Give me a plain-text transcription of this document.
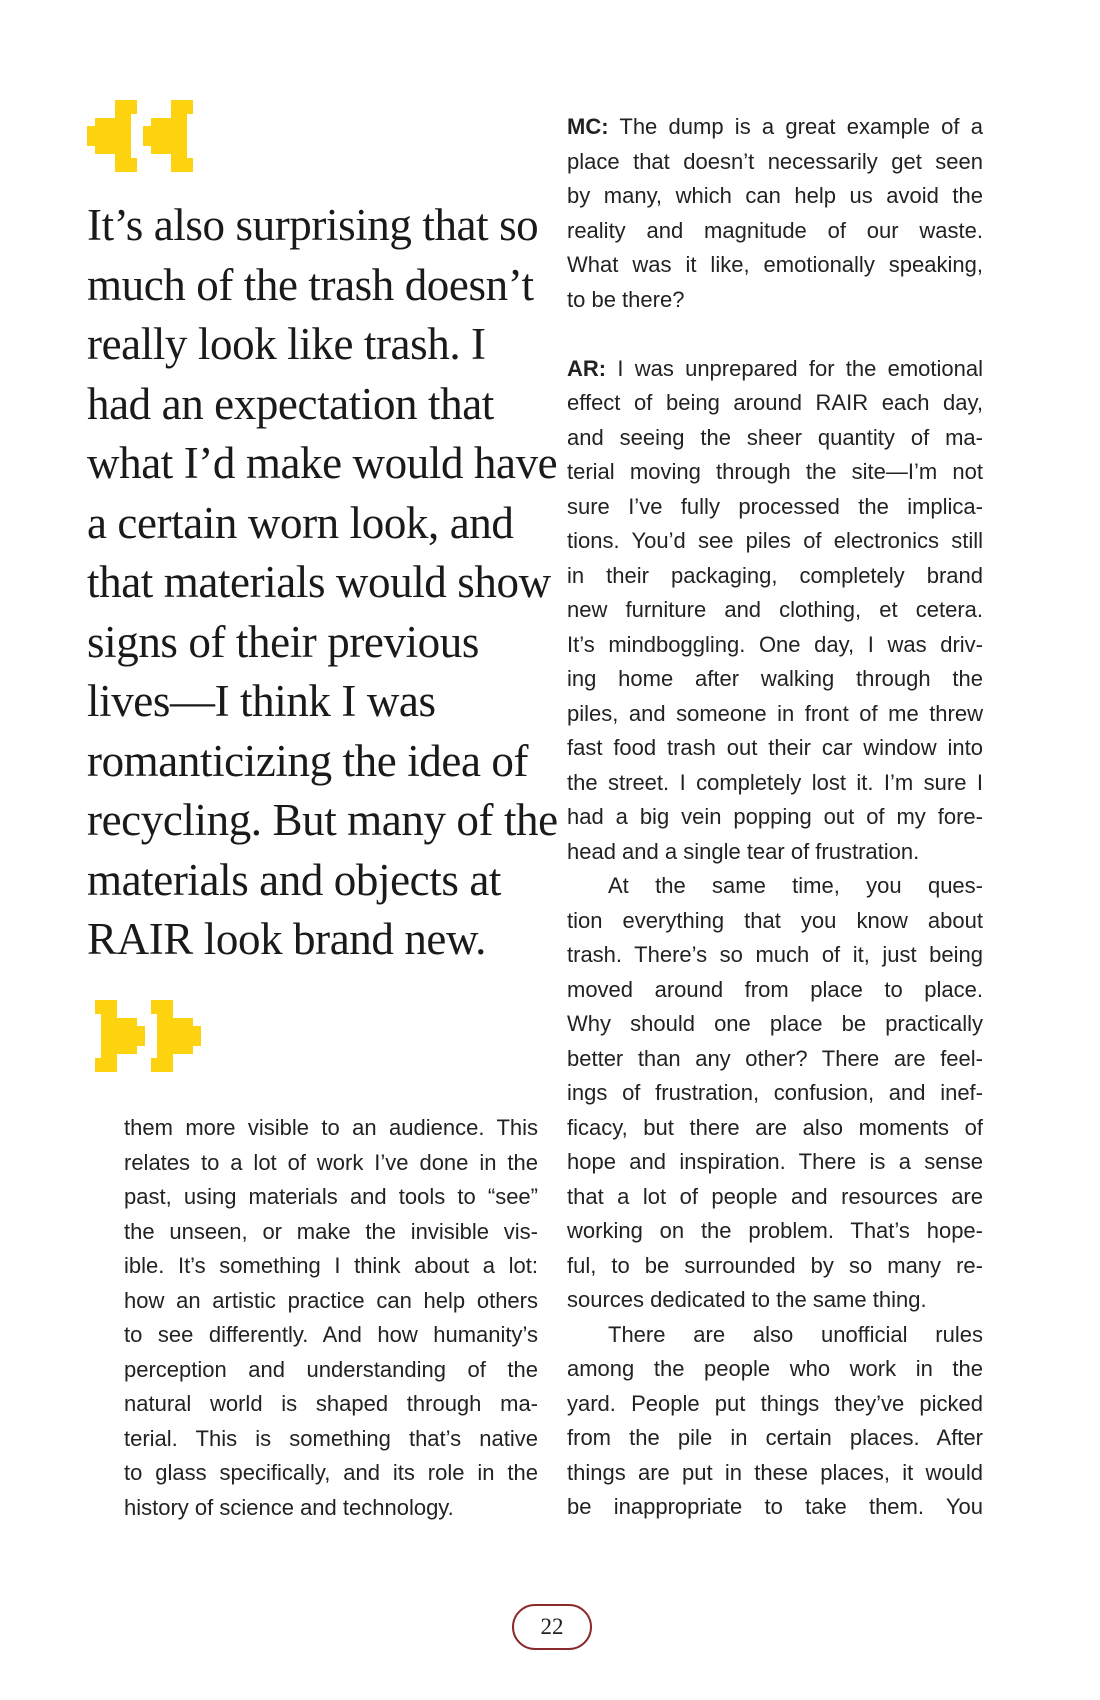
It’s also surprising that so
much of the trash doesn’t
really look like trash. I
had an expectation that
what I’d make would have
a certain worn look, and
that materials would show
signs of their previous
lives—I think I was
romanticizing the idea of
recycling. But many of the
materials and objects at
RAIR look brand new.
them more visible to an audience. This
relates to a lot of work I’ve done in the
past, using materials and tools to “see”
the unseen, or make the invisible vis-
ible. It’s something I think about a lot:
how an artistic practice can help others
to see differently. And how humanity’s
perception and understanding of the
natural world is shaped through ma-
terial. This is something that’s native
to glass specifically, and its role in the
history of science and technology.
MC: The dump is a great example of a
place that doesn’t necessarily get seen
by many, which can help us avoid the
reality and magnitude of our waste.
What was it like, emotionally speaking,
to be there?
AR: I was unprepared for the emotional
effect of being around RAIR each day,
and seeing the sheer quantity of ma-
terial moving through the site—I’m not
sure I’ve fully processed the implica-
tions. You’d see piles of electronics still
in their packaging, completely brand
new furniture and clothing, et cetera.
It’s mindboggling. One day, I was driv-
ing home after walking through the
piles, and someone in front of me threw
fast food trash out their car window into
the street. I completely lost it. I’m sure I
had a big vein popping out of my fore-
head and a single tear of frustration.
At the same time, you ques-
tion everything that you know about
trash. There’s so much of it, just being
moved around from place to place.
Why should one place be practically
better than any other? There are feel-
ings of frustration, confusion, and inef-
ficacy, but there are also moments of
hope and inspiration. There is a sense
that a lot of people and resources are
working on the problem. That’s hope-
ful, to be surrounded by so many re-
sources dedicated to the same thing.
There are also unofficial rules
among the people who work in the
yard. People put things they’ve picked
from the pile in certain places. After
things are put in these places, it would
be inappropriate to take them. You
22
